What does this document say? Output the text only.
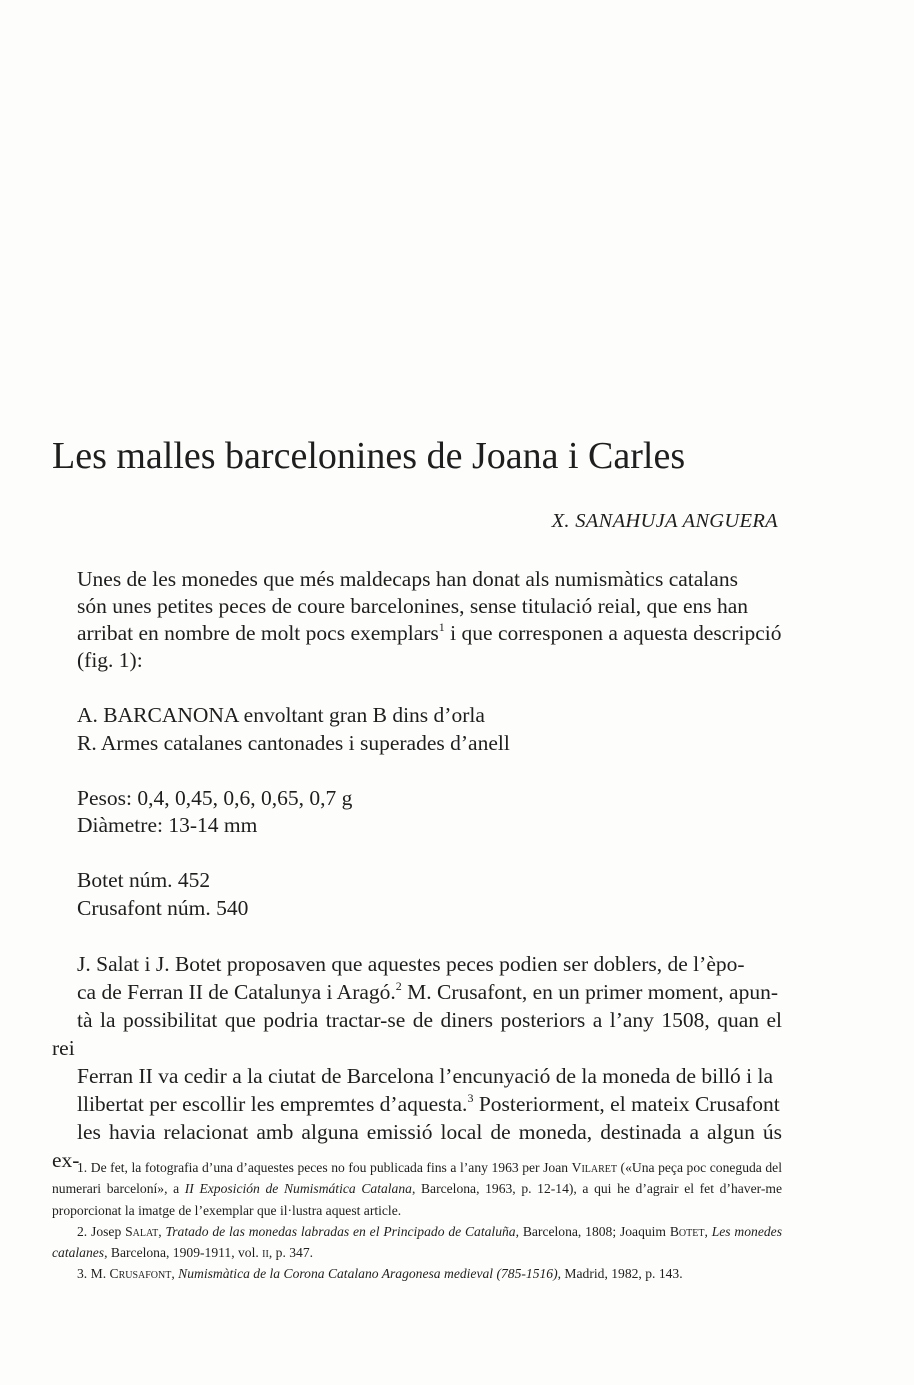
Les malles barcelonines de Joana i Carles
X. SANAHUJA ANGUERA

Unes de les monedes que més maldecaps han donat als numismàtics catalans
són unes petites peces de coure barcelonines, sense titulació reial, que ens han
arribat en nombre de molt pocs exemplars$^1$ i que corresponen a aquesta descripció
(fig. 1):

A. BARCANONA envoltant gran B dins d’orla
R. Armes catalanes cantonades i superades d’anell
Pesos: 0,4, 0,45, 0,6, 0,65, 0,7 g
Diàmetre: 13-14 mm
Botet núm. 452
Crusafont núm. 540

J. Salat i J. Botet proposaven que aquestes peces podien ser doblers, de l’èpo-
ca de Ferran II de Catalunya i Aragó.$^2$ M. Crusafont, en un primer moment, apun-
tà la possibilitat que podria tractar-se de diners posteriors a l’any 1508, quan el rei
Ferran II va cedir a la ciutat de Barcelona l’encunyació de la moneda de billó i la
llibertat per escollir les empremtes d’aquesta.$^3$ Posteriorment, el mateix Crusafont
les havia relacionat amb alguna emissió local de moneda, destinada a algun ús ex-

1. De fet, la fotografia d’una d’aquestes peces no fou publicada fins a l’any 1963 per Joan Vilaret («Una peça poc coneguda del numerari barceloní», a II Exposición de Numismática Catalana, Barcelona, 1963, p. 12-14), a qui he d’agrair el fet d’haver-me proporcionat la imatge de l’exemplar que il·lustra aquest article.

2. Josep Salat, Tratado de las monedas labradas en el Principado de Cataluña, Barcelona, 1808; Joaquim Botet, Les monedes catalanes, Barcelona, 1909-1911, vol. ii, p. 347.

3. M. Crusafont, Numismàtica de la Corona Catalano Aragonesa medieval (785-1516), Madrid, 1982, p. 143.
